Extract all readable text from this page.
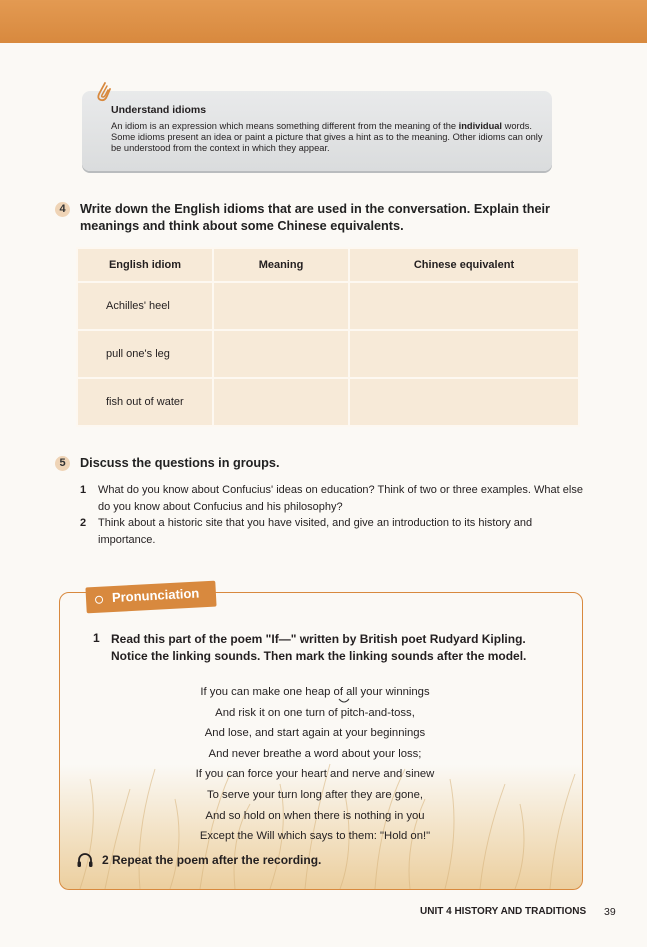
Understand idioms
An idiom is an expression which means something different from the meaning of the individual words. Some idioms present an idea or paint a picture that gives a hint as to the meaning. Other idioms can only be understood from the context in which they appear.
4	Write down the English idioms that are used in the conversation. Explain their meanings and think about some Chinese equivalents.
English idiom	Meaning	Chinese equivalent
Achilles' heel		
pull one's leg		
fish out of water		
5	Discuss the questions in groups.
1 What do you know about Confucius' ideas on education? Think of two or three examples. What else do you know about Confucius and his philosophy?
2 Think about a historic site that you have visited, and give an introduction to its history and importance.
Pronunciation
1 Read this part of the poem "If—" written by British poet Rudyard Kipling. Notice the linking sounds. Then mark the linking sounds after the model.
If you can make one heap of all your winnings
And risk it on one turn of pitch-and-toss,
And lose, and start again at your beginnings
And never breathe a word about your loss;
If you can force your heart and nerve and sinew
To serve your turn long after they are gone,
And so hold on when there is nothing in you
Except the Will which says to them: "Hold on!"
2 Repeat the poem after the recording.
UNIT 4 HISTORY AND TRADITIONS 39
